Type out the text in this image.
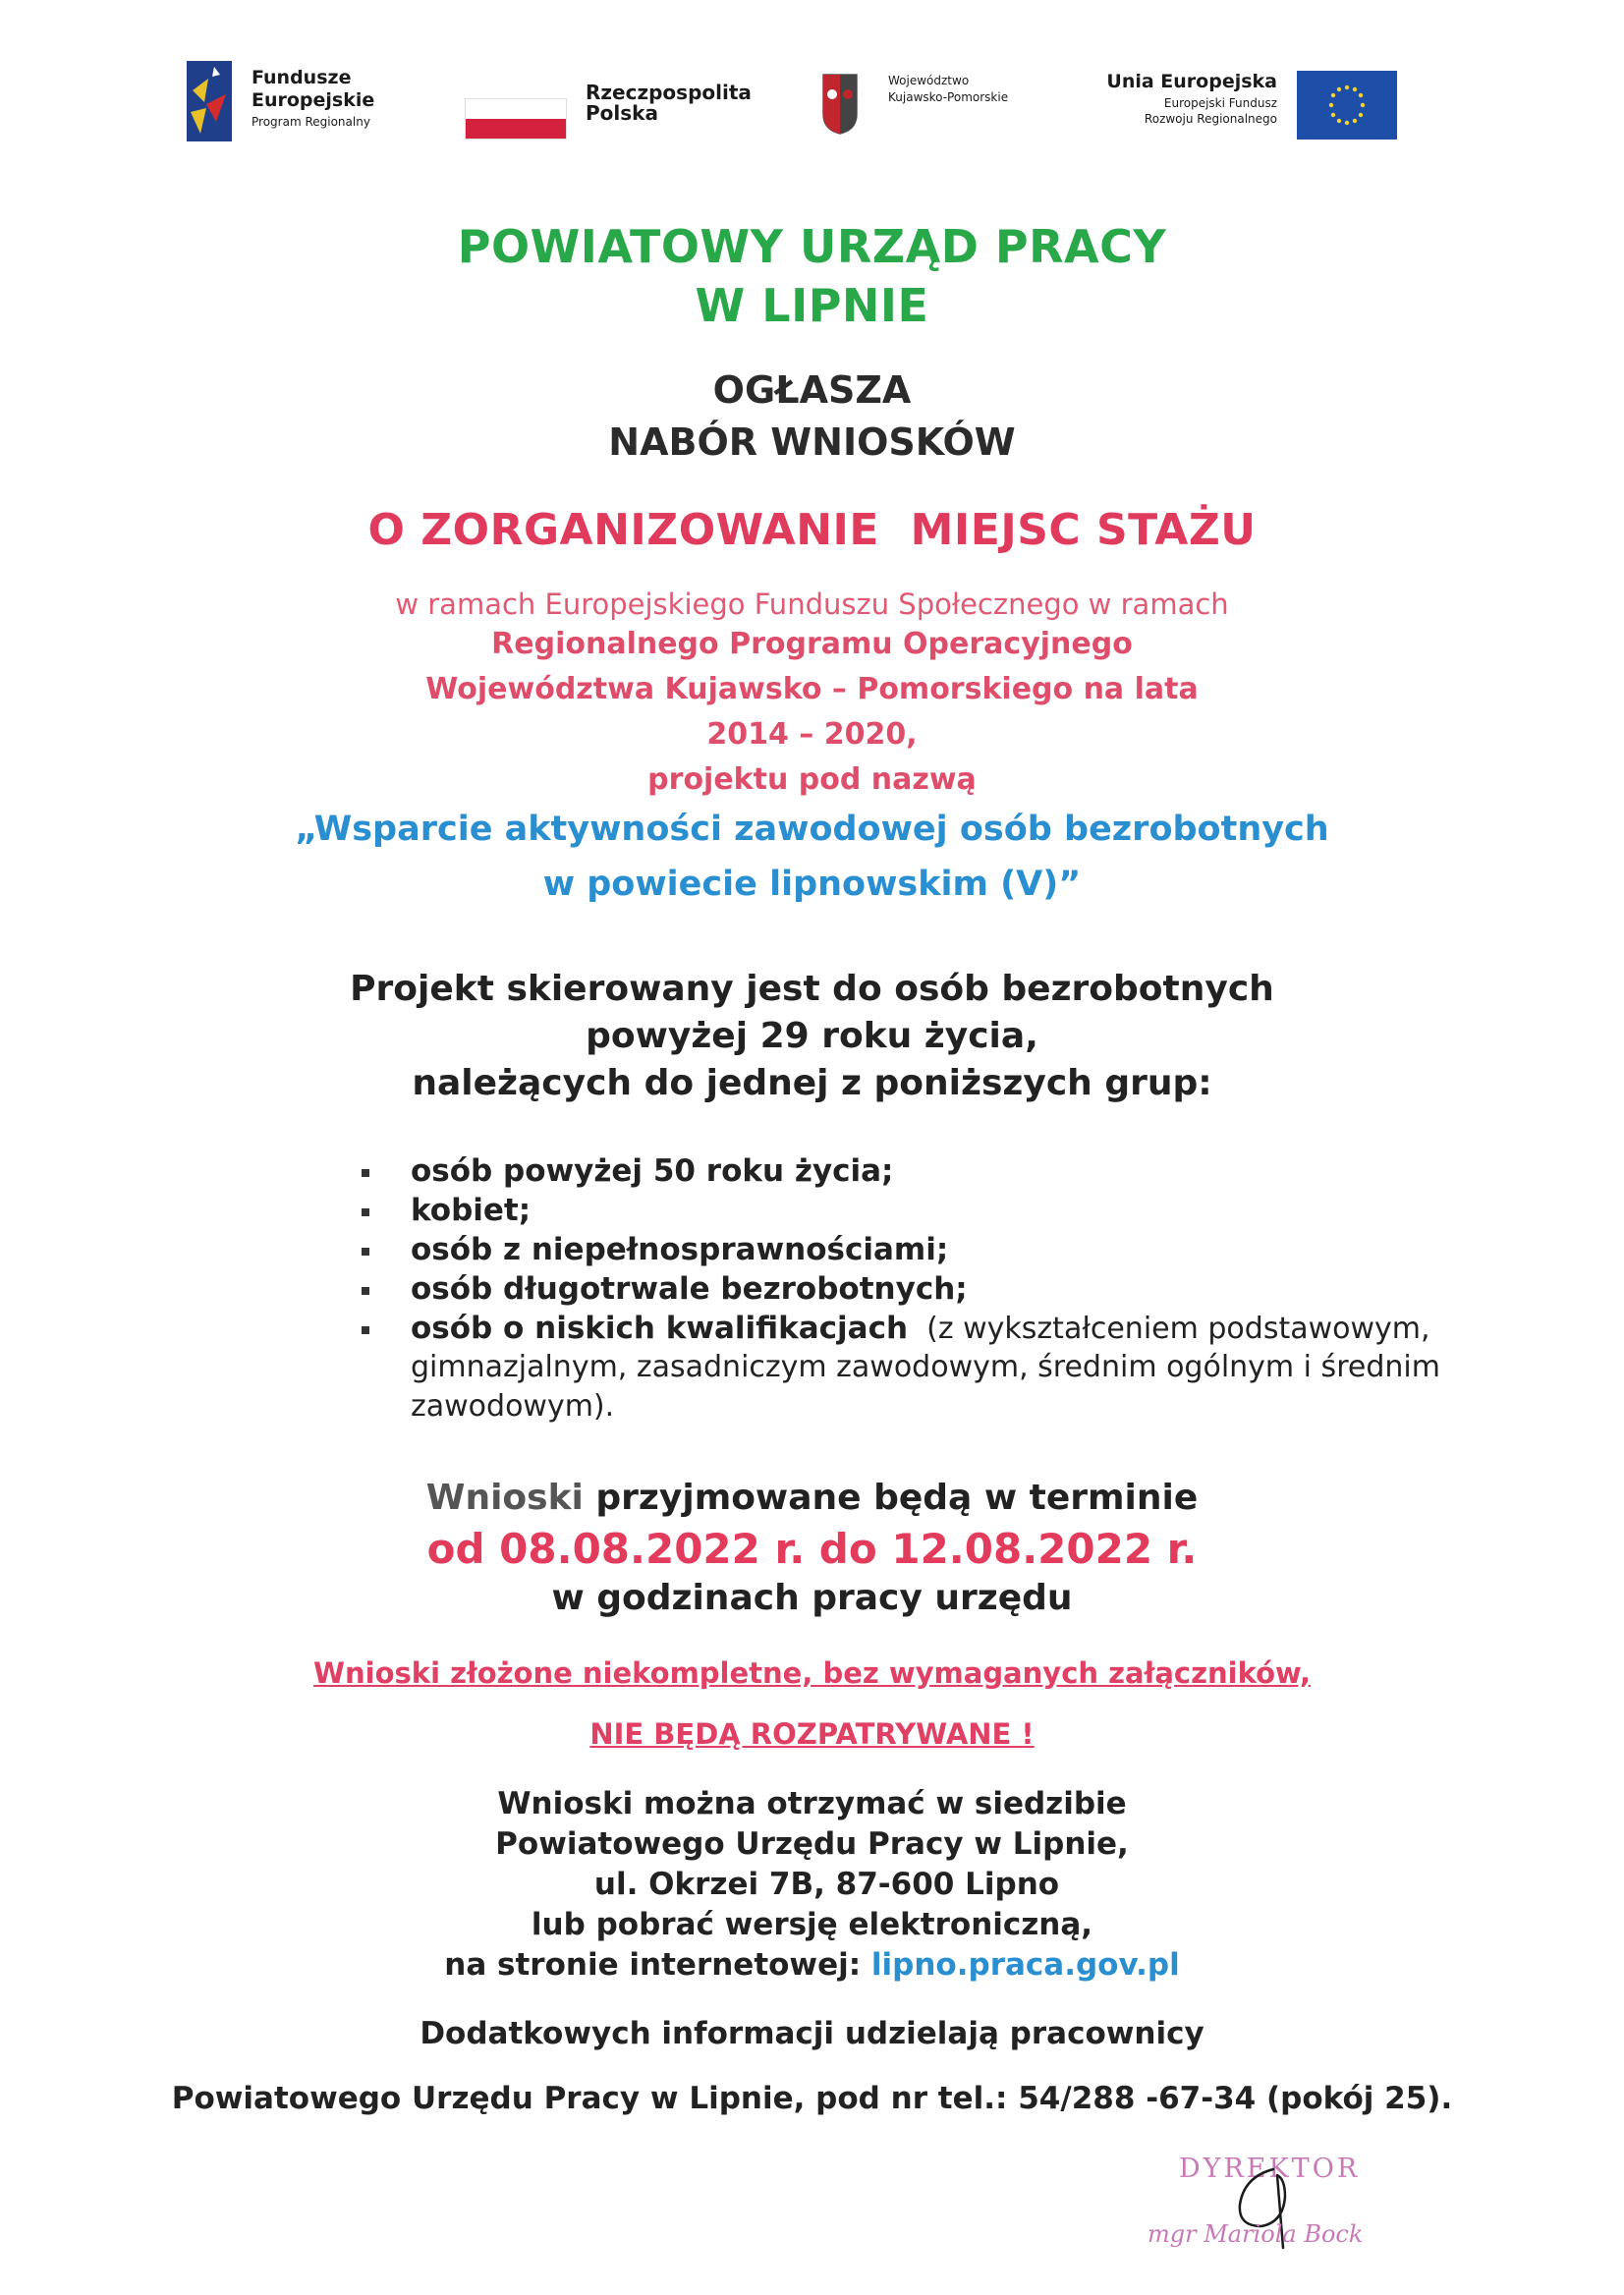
Fundusze
Europejskie
Program Regionalny
Rzeczpospolita
Polska
Województwo
Kujawsko-Pomorskie
Unia Europejska
Europejski Fundusz
Rozwoju Regionalnego
POWIATOWY URZĄD PRACY
W LIPNIE
OGŁASZA
NABÓR WNIOSKÓW
O ZORGANIZOWANIE  MIEJSC STAŻU
w ramach Europejskiego Funduszu Społecznego w ramach
Regionalnego Programu Operacyjnego
Województwa Kujawsko – Pomorskiego na lata
2014 – 2020,
projektu pod nazwą
„Wsparcie aktywności zawodowej osób bezrobotnych
w powiecie lipnowskim (V)”
Projekt skierowany jest do osób bezrobotnych
powyżej 29 roku życia,
należących do jednej z poniższych grup:
osób powyżej 50 roku życia;
kobiet;
osób z niepełnosprawnościami;
osób długotrwale bezrobotnych;
osób o niskich kwalifikacjach (z wykształceniem podstawowym,
gimnazjalnym, zasadniczym zawodowym, średnim ogólnym i średnim
zawodowym).
Wnioski przyjmowane będą w terminie
od 08.08.2022 r. do 12.08.2022 r.
w godzinach pracy urzędu
Wnioski złożone niekompletne, bez wymaganych załączników,
NIE BĘDĄ ROZPATRYWANE !
Wnioski można otrzymać w siedzibie
Powiatowego Urzędu Pracy w Lipnie,
ul. Okrzei 7B, 87-600 Lipno
lub pobrać wersję elektroniczną,
na stronie internetowej: lipno.praca.gov.pl
Dodatkowych informacji udzielają pracownicy
Powiatowego Urzędu Pracy w Lipnie, pod nr tel.: 54/288 -67-34 (pokój 25).
DYREKTOR
mgr Mariola Bock
